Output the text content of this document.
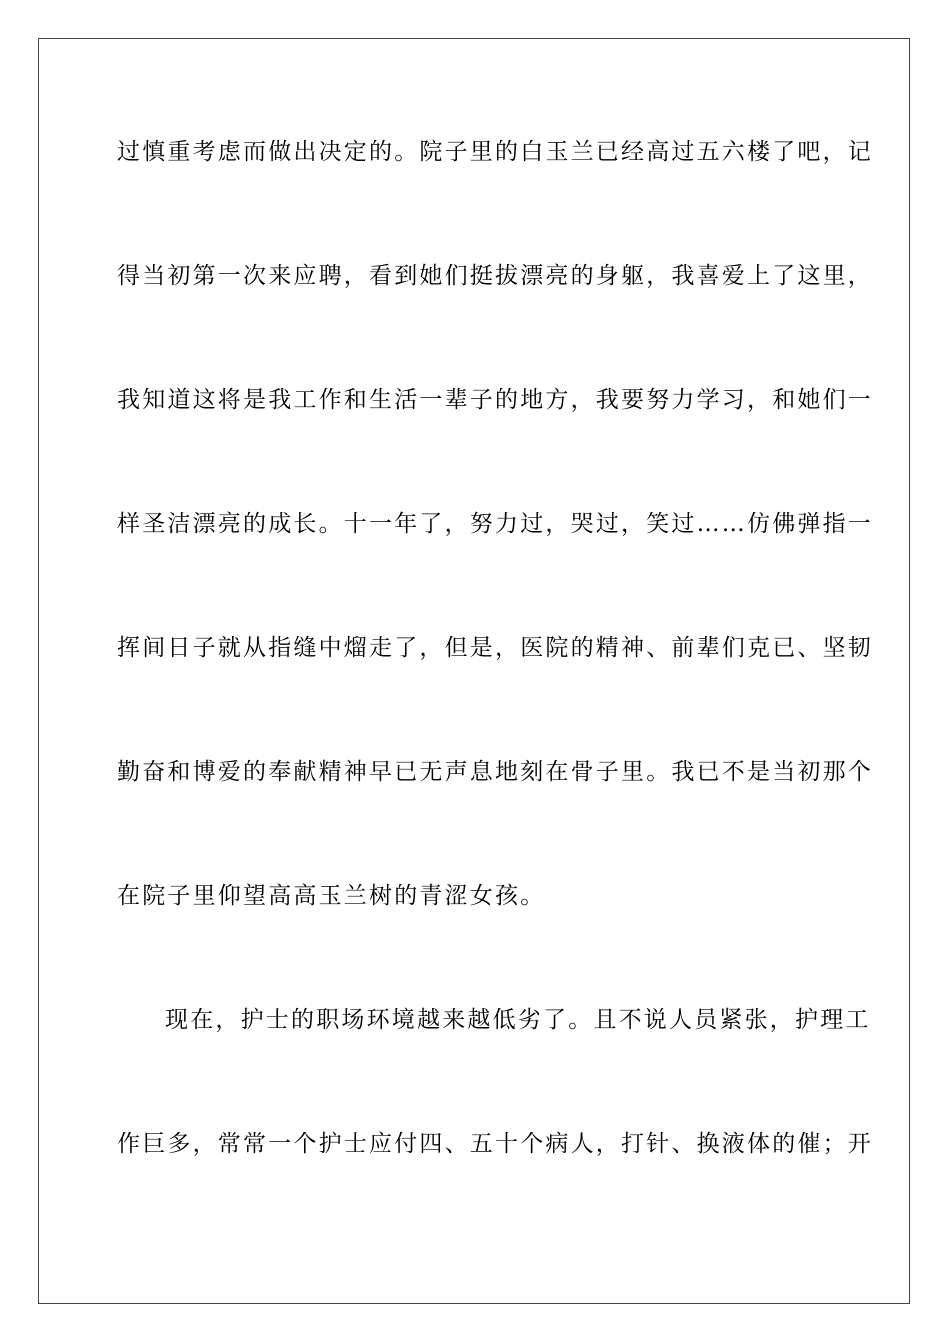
过慎重考虑而做出决定的。院子里的白玉兰已经高过五六楼了吧，记
得当初第一次来应聘，看到她们挺拔漂亮的身躯，我喜爱上了这里，
我知道这将是我工作和生活一辈子的地方，我要努力学习，和她们一
样圣洁漂亮的成长。十一年了，努力过，哭过，笑过……仿佛弹指一
挥间日子就从指缝中熘走了，但是，医院的精神、前辈们克已、坚韧
勤奋和博爱的奉献精神早已无声息地刻在骨子里。我已不是当初那个
在院子里仰望高高玉兰树的青涩女孩。
现在，护士的职场环境越来越低劣了。且不说人员紧张，护理工
作巨多，常常一个护士应付四、五十个病人，打针、换液体的催；开
